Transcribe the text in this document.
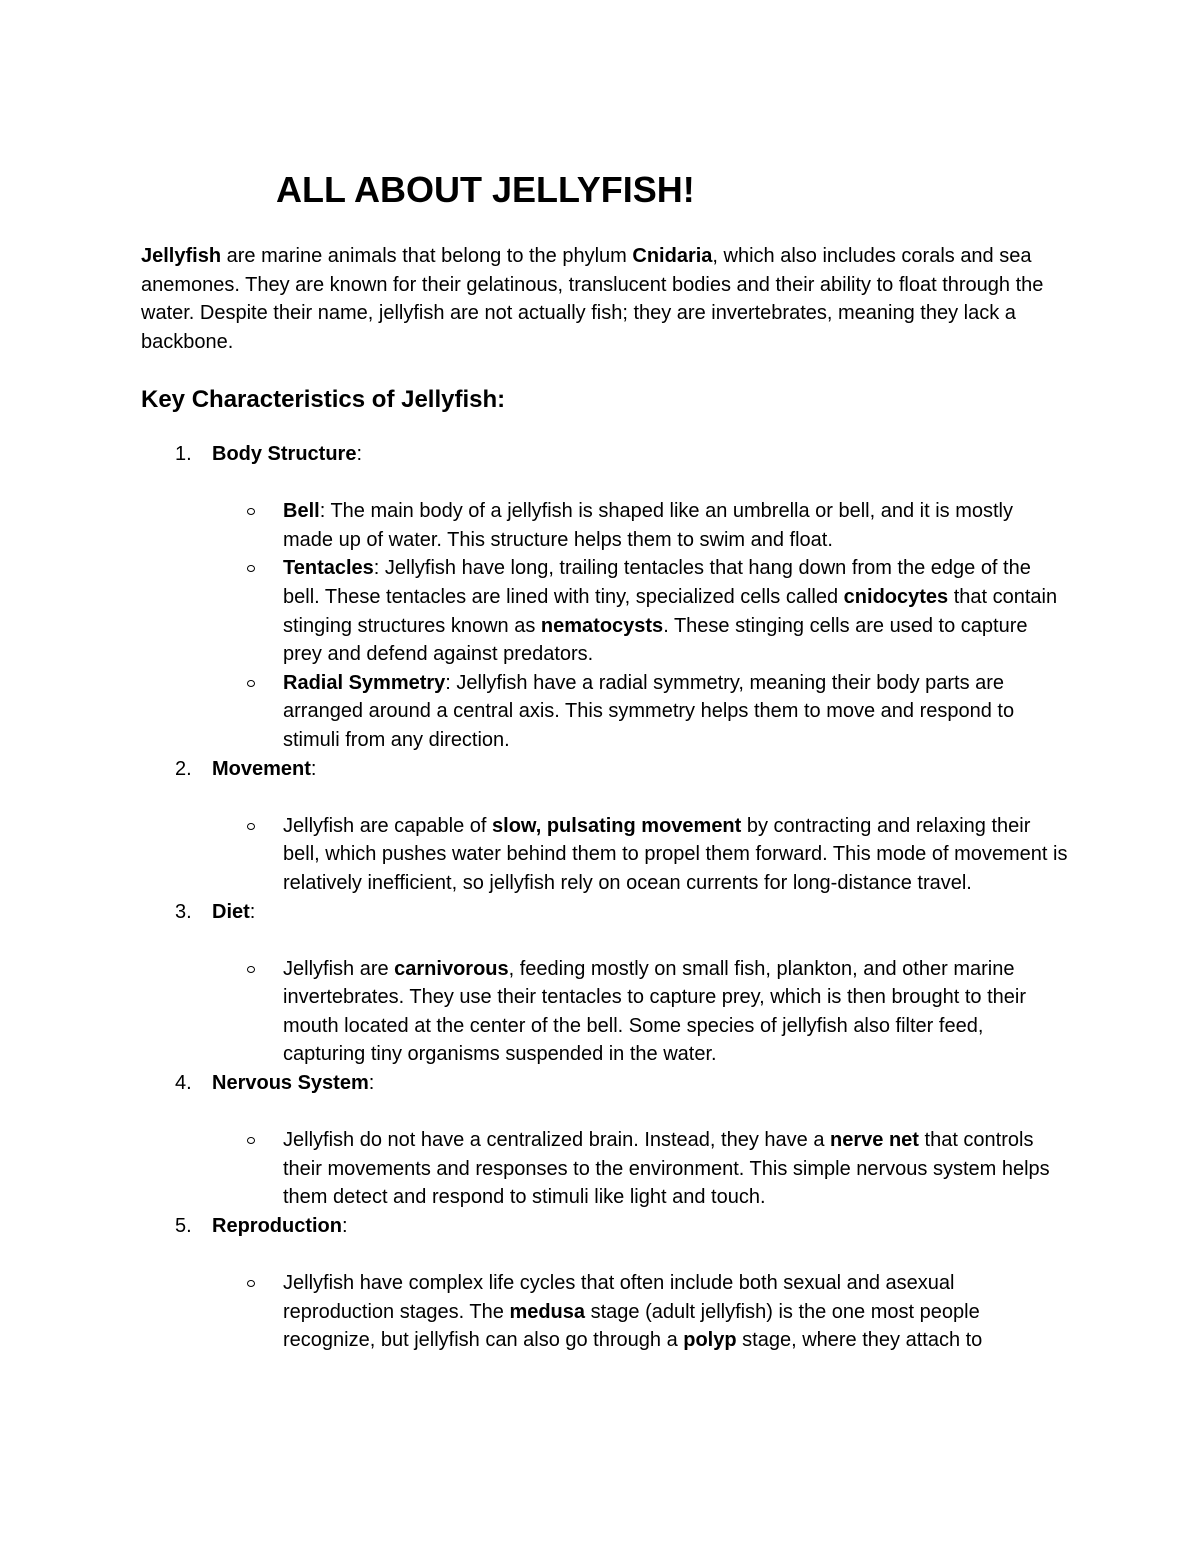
ALL ABOUT JELLYFISH!

Jellyfish are marine animals that belong to the phylum Cnidaria, which also includes corals and sea anemones. They are known for their gelatinous, translucent bodies and their ability to float through the water. Despite their name, jellyfish are not actually fish; they are invertebrates, meaning they lack a backbone.

Key Characteristics of Jellyfish:
1. Body Structure:
Bell: The main body of a jellyfish is shaped like an umbrella or bell, and it is mostly made up of water. This structure helps them to swim and float.
Tentacles: Jellyfish have long, trailing tentacles that hang down from the edge of the bell. These tentacles are lined with tiny, specialized cells called cnidocytes that contain stinging structures known as nematocysts. These stinging cells are used to capture prey and defend against predators.
Radial Symmetry: Jellyfish have a radial symmetry, meaning their body parts are arranged around a central axis. This symmetry helps them to move and respond to stimuli from any direction.
2. Movement:
Jellyfish are capable of slow, pulsating movement by contracting and relaxing their bell, which pushes water behind them to propel them forward. This mode of movement is relatively inefficient, so jellyfish rely on ocean currents for long-distance travel.
3. Diet:
Jellyfish are carnivorous, feeding mostly on small fish, plankton, and other marine invertebrates. They use their tentacles to capture prey, which is then brought to their mouth located at the center of the bell. Some species of jellyfish also filter feed, capturing tiny organisms suspended in the water.
4. Nervous System:
Jellyfish do not have a centralized brain. Instead, they have a nerve net that controls their movements and responses to the environment. This simple nervous system helps them detect and respond to stimuli like light and touch.
5. Reproduction:
Jellyfish have complex life cycles that often include both sexual and asexual reproduction stages. The medusa stage (adult jellyfish) is the one most people recognize, but jellyfish can also go through a polyp stage, where they attach to
